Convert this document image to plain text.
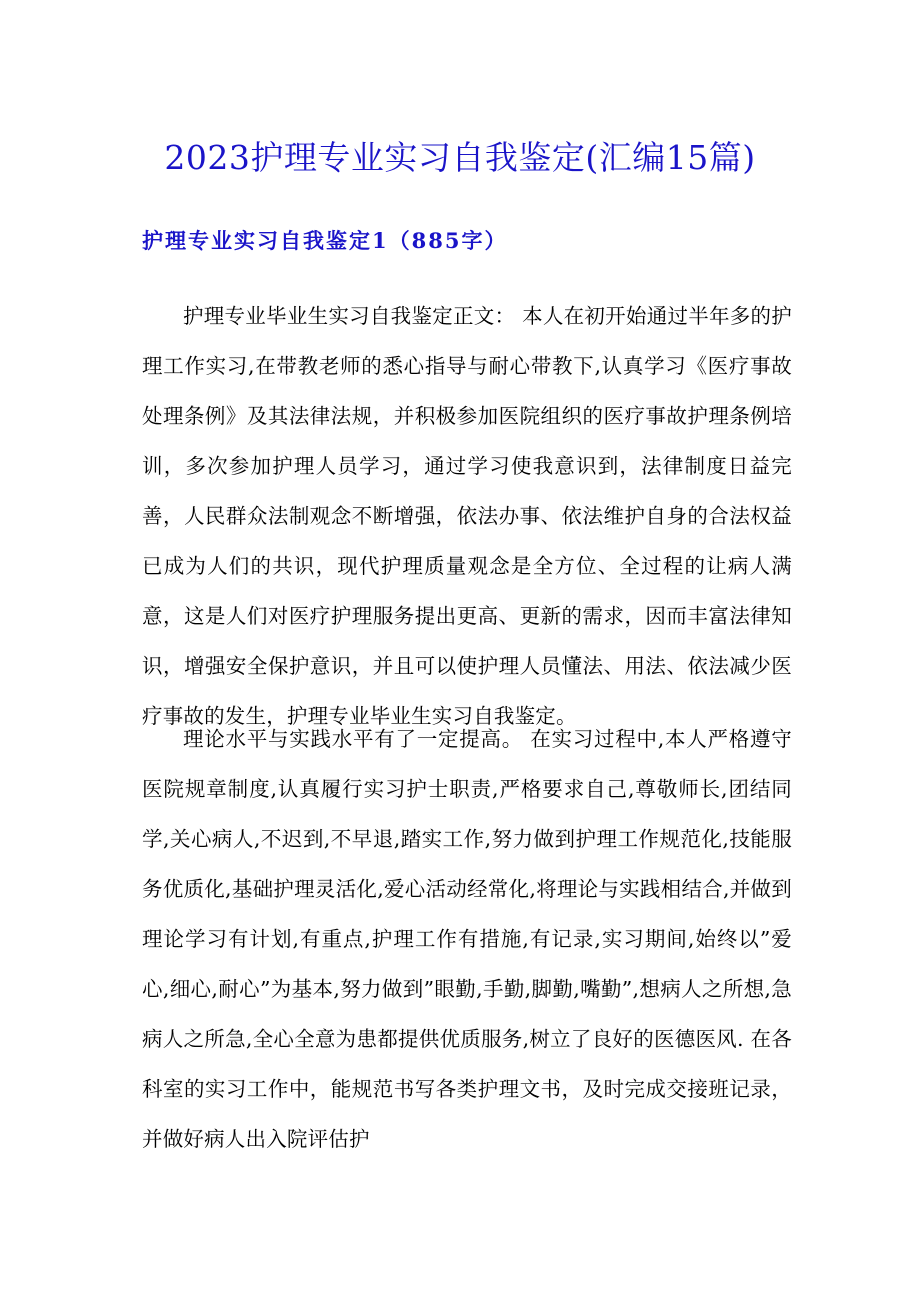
2023护理专业实习自我鉴定(汇编15篇)
护理专业实习自我鉴定1（885字）

护理专业毕业生实习自我鉴定正文： 本人在初开始通过半年多的护理工作实习,在带教老师的悉心指导与耐心带教下,认真学习《医疗事故处理条例》及其法律法规，并积极参加医院组织的医疗事故护理条例培训，多次参加护理人员学习，通过学习使我意识到，法律制度日益完善，人民群众法制观念不断增强，依法办事、依法维护自身的合法权益已成为人们的共识，现代护理质量观念是全方位、全过程的让病人满意，这是人们对医疗护理服务提出更高、更新的需求，因而丰富法律知识，增强安全保护意识，并且可以使护理人员懂法、用法、依法减少医疗事故的发生，护理专业毕业生实习自我鉴定。

理论水平与实践水平有了一定提高。 在实习过程中,本人严格遵守医院规章制度,认真履行实习护士职责,严格要求自己,尊敬师长,团结同学,关心病人,不迟到,不早退,踏实工作,努力做到护理工作规范化,技能服务优质化,基础护理灵活化,爱心活动经常化,将理论与实践相结合,并做到理论学习有计划,有重点,护理工作有措施,有记录,实习期间,始终以”爱心,细心,耐心”为基本,努力做到”眼勤,手勤,脚勤,嘴勤”,想病人之所想,急病人之所急,全心全意为患都提供优质服务,树立了良好的医德医风. 在各科室的实习工作中，能规范书写各类护理文书，及时完成交接班记录，并做好病人出入院评估护
